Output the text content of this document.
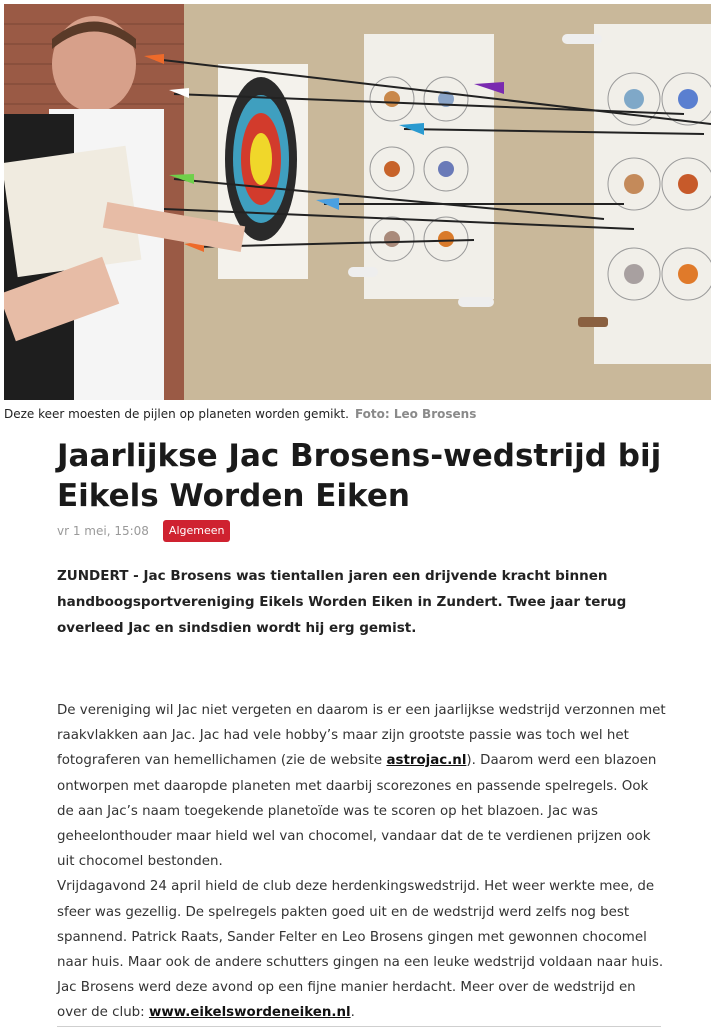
Deze keer moesten de pijlen op planeten worden gemikt. Foto: Leo Brosens
Jaarlijkse Jac Brosens-wedstrijd bij Eikels Worden Eiken
vr 1 mei, 15:08	Algemeen

ZUNDERT - Jac Brosens was tientallen jaren een drijvende kracht binnen handboogsportvereniging Eikels Worden Eiken in Zundert. Twee jaar terug overleed Jac en sindsdien wordt hij erg gemist.

De vereniging wil Jac niet vergeten en daarom is er een jaarlijkse wedstrijd verzonnen met raakvlakken aan Jac. Jac had vele hobby’s maar zijn grootste passie was toch wel het fotograferen van hemellichamen (zie de website astrojac.nl). Daarom werd een blazoen ontworpen met daaropde planeten met daarbij scorezones en passende spelregels. Ook de aan Jac’s naam toegekende planetoïde was te scoren op het blazoen. Jac was geheelonthouder maar hield wel van chocomel, vandaar dat de te verdienen prijzen ook uit chocomel bestonden.
Vrijdagavond 24 april hield de club deze herdenkingswedstrijd. Het weer werkte mee, de sfeer was gezellig. De spelregels pakten goed uit en de wedstrijd werd zelfs nog best spannend. Patrick Raats, Sander Felter en Leo Brosens gingen met gewonnen chocomel naar huis. Maar ook de andere schutters gingen na een leuke wedstrijd voldaan naar huis. Jac Brosens werd deze avond op een fijne manier herdacht. Meer over de wedstrijd en over de club: www.eikelswordeneiken.nl.
